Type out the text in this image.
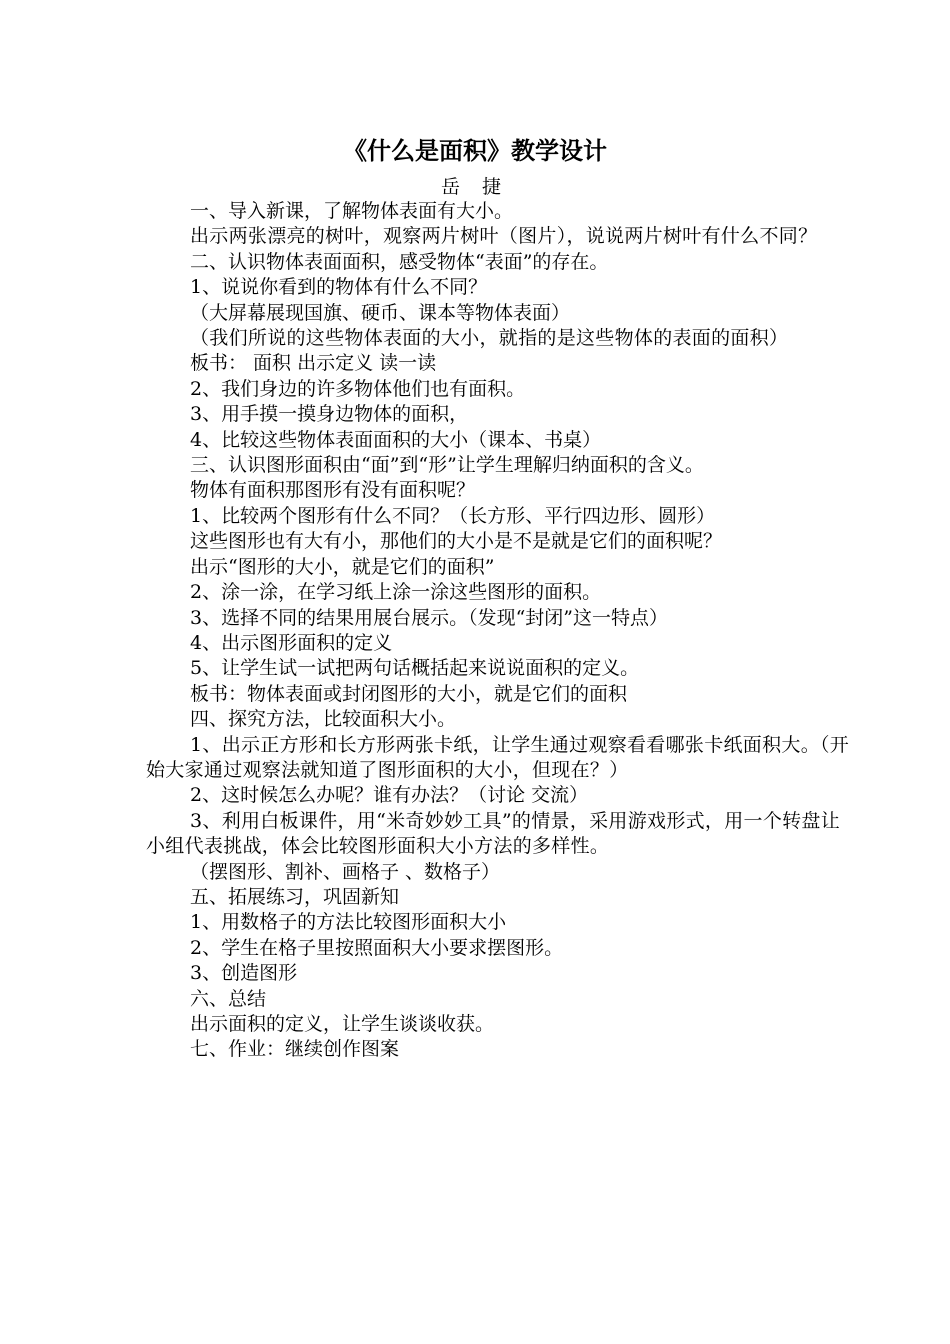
《什么是面积》教学设计
岳 捷

一、导入新课，了解物体表面有大小。

出示两张漂亮的树叶，观察两片树叶（图片），说说两片树叶有什么不同？

二、认识物体表面面积，感受物体“表面”的存在。

1、说说你看到的物体有什么不同？

（大屏幕展现国旗、硬币、课本等物体表面）

（我们所说的这些物体表面的大小，就指的是这些物体的表面的面积）

板书： 面积 出示定义 读一读

2、我们身边的许多物体他们也有面积。

3、用手摸一摸身边物体的面积，

4、比较这些物体表面面积的大小（课本、书桌）

三、认识图形面积由“面”到“形”让学生理解归纳面积的含义。

物体有面积那图形有没有面积呢？

1、比较两个图形有什么不同？（长方形、平行四边形、圆形）

这些图形也有大有小，那他们的大小是不是就是它们的面积呢？

出示“图形的大小，就是它们的面积”

2、涂一涂，在学习纸上涂一涂这些图形的面积。

3、选择不同的结果用展台展示。（发现“封闭”这一特点）

4、出示图形面积的定义

5、让学生试一试把两句话概括起来说说面积的定义。

板书：物体表面或封闭图形的大小，就是它们的面积

四、探究方法，比较面积大小。

1、出示正方形和长方形两张卡纸，让学生通过观察看看哪张卡纸面积大。（开始大家通过观察法就知道了图形面积的大小，但现在？）

2、这时候怎么办呢？谁有办法？（讨论 交流）

3、利用白板课件，用“米奇妙妙工具”的情景，采用游戏形式，用一个转盘让小组代表挑战，体会比较图形面积大小方法的多样性。

（摆图形、割补、画格子 、数格子）

五、拓展练习，巩固新知

1、用数格子的方法比较图形面积大小

2、学生在格子里按照面积大小要求摆图形。

3、创造图形

六、总结

出示面积的定义，让学生谈谈收获。

七、作业：继续创作图案
